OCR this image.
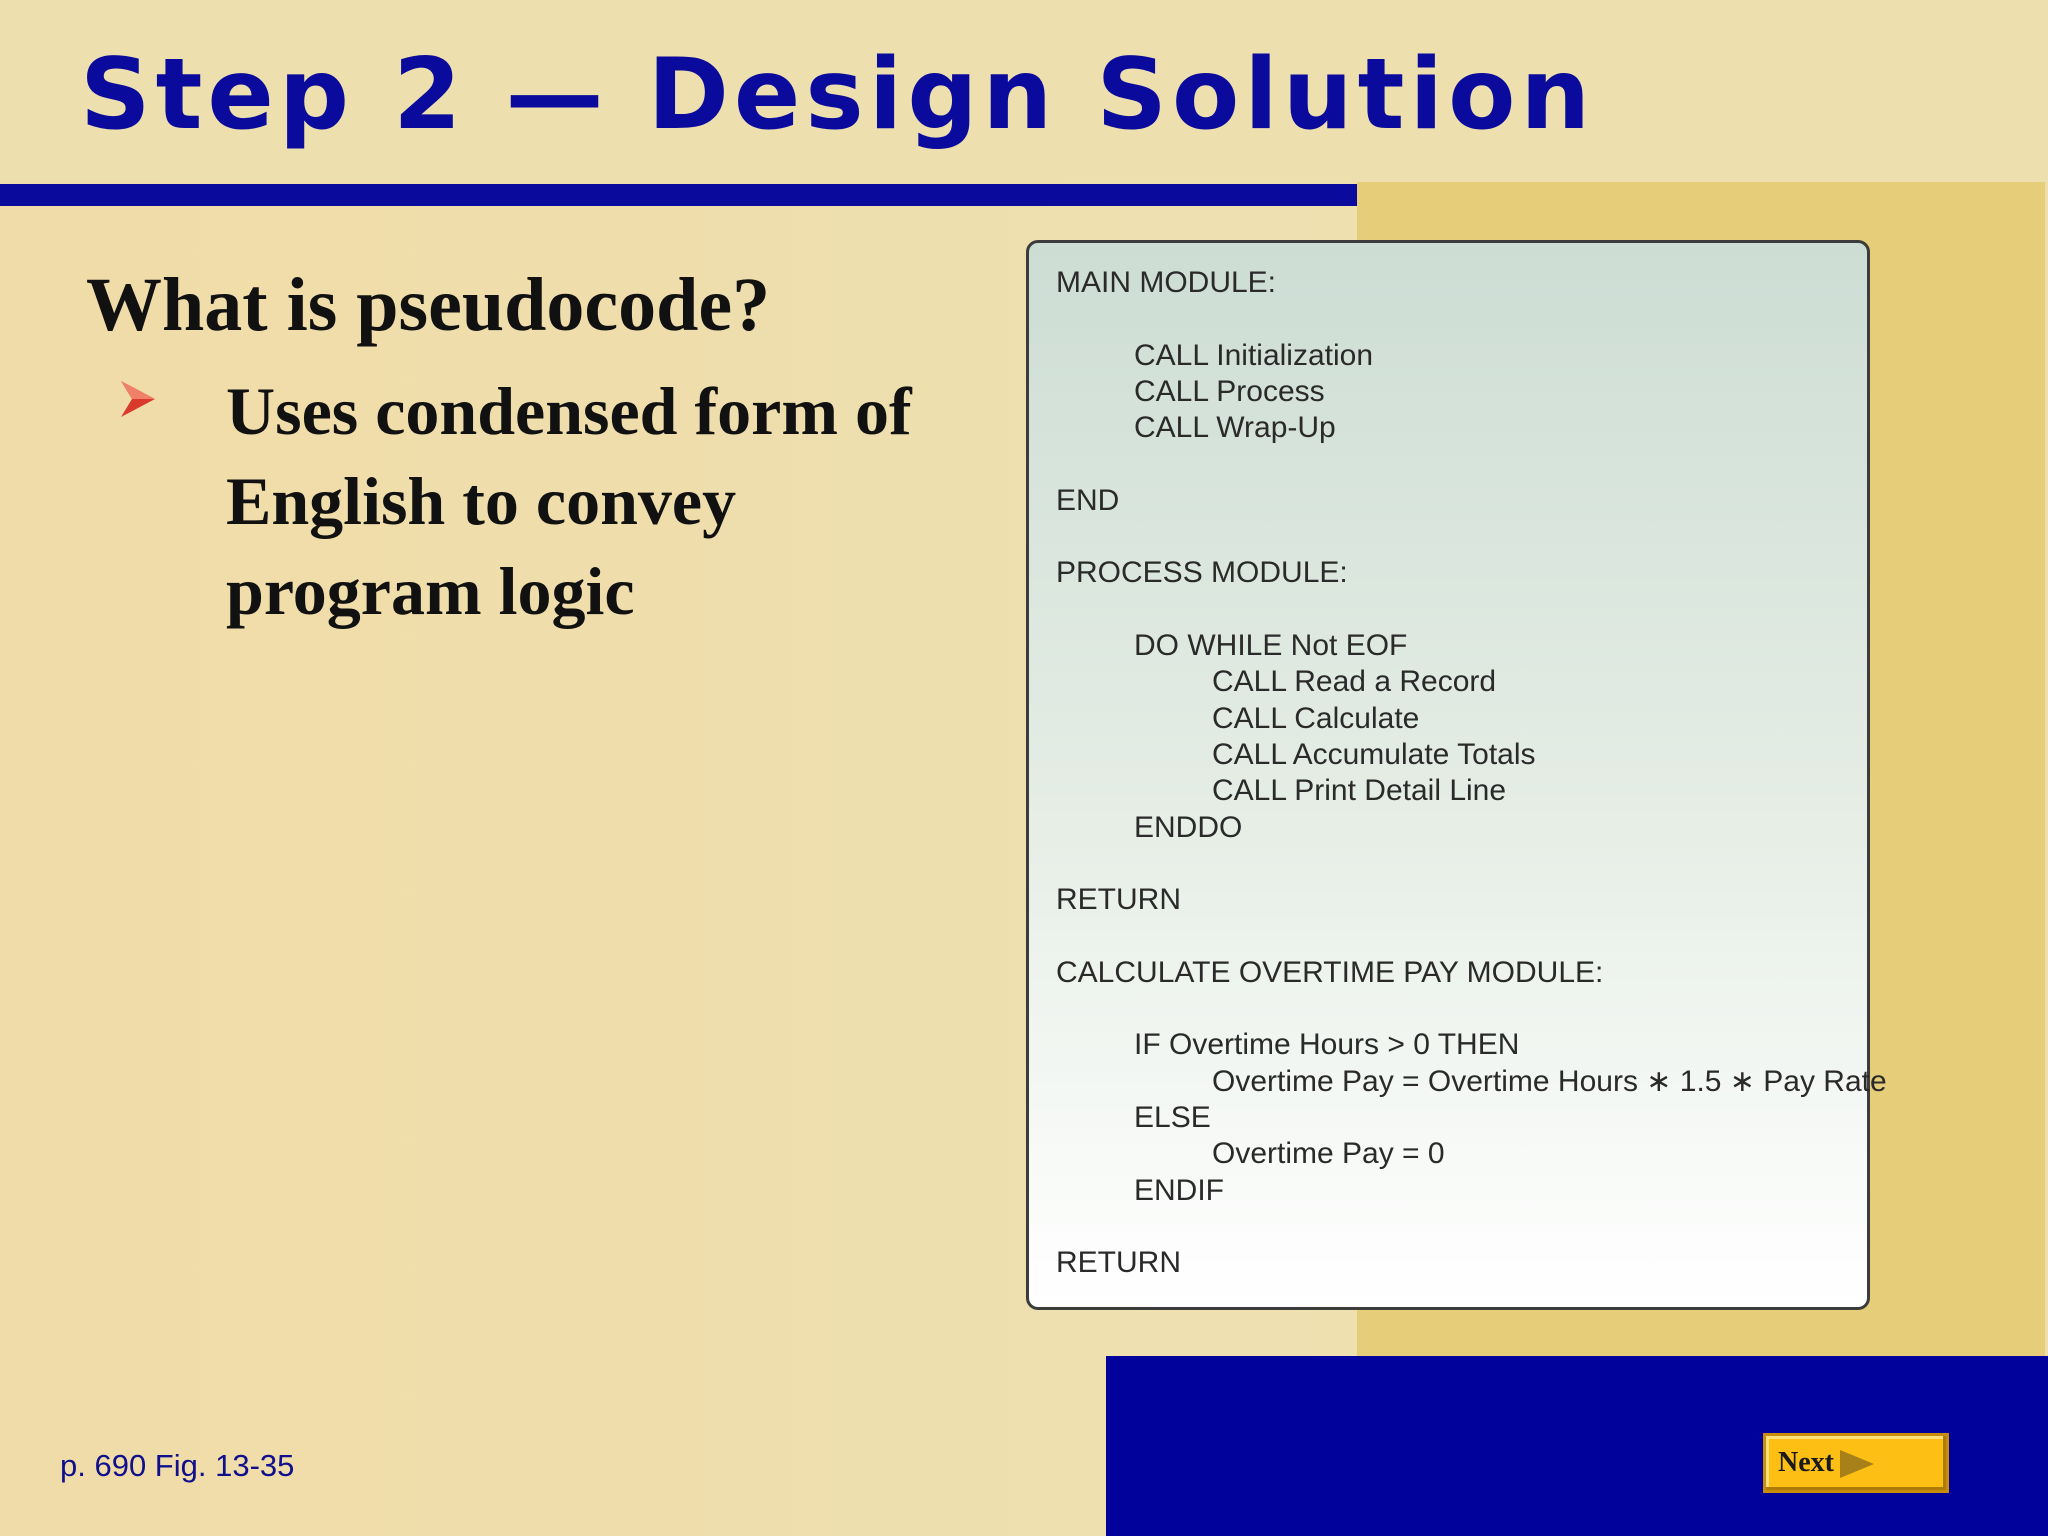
Step 2 — Design Solution
What is pseudocode?

Uses condensed form of English to convey program logic

MAIN MODULE:
CALL Initialization
CALL Process
CALL Wrap-Up
END
PROCESS MODULE:
DO WHILE Not EOF
CALL Read a Record
CALL Calculate
CALL Accumulate Totals
CALL Print Detail Line
ENDDO
RETURN
CALCULATE OVERTIME PAY MODULE:
IF Overtime Hours > 0 THEN
Overtime Pay = Overtime Hours ∗ 1.5 ∗ Pay Rate
ELSE
Overtime Pay = 0
ENDIF
RETURN
p. 690 Fig. 13-35	Next
